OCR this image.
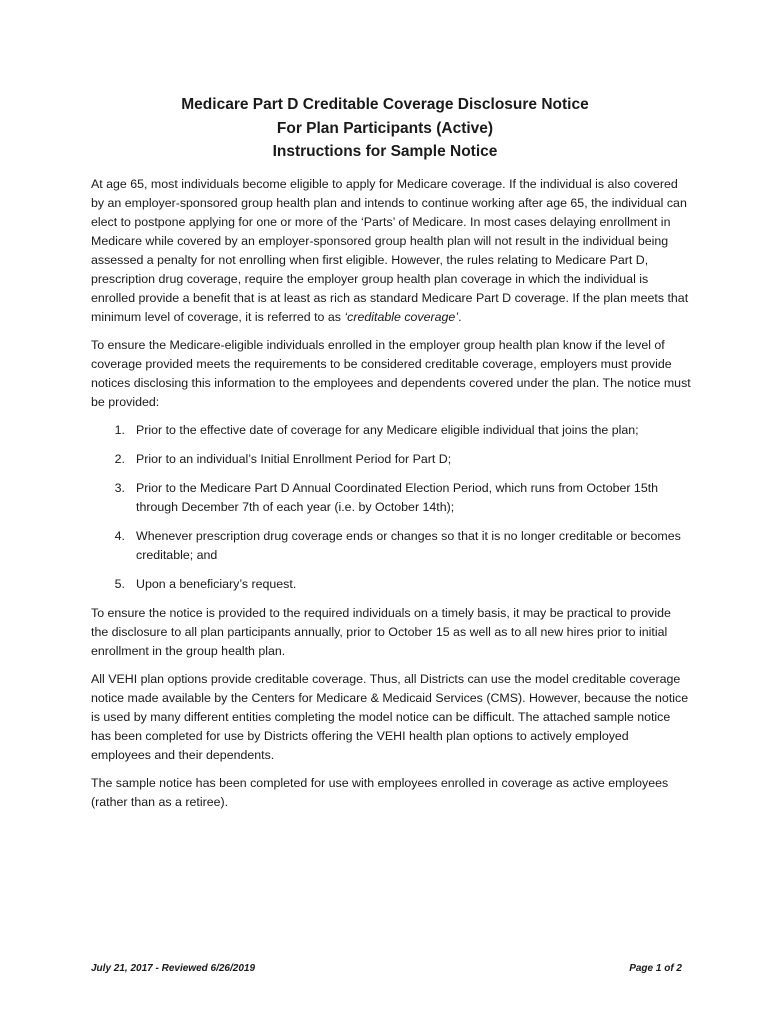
Medicare Part D Creditable Coverage Disclosure Notice

For Plan Participants (Active)

Instructions for Sample Notice

At age 65, most individuals become eligible to apply for Medicare coverage. If the individual is also covered by an employer-sponsored group health plan and intends to continue working after age 65, the individual can elect to postpone applying for one or more of the ‘Parts’ of Medicare. In most cases delaying enrollment in Medicare while covered by an employer-sponsored group health plan will not result in the individual being assessed a penalty for not enrolling when first eligible. However, the rules relating to Medicare Part D, prescription drug coverage, require the employer group health plan coverage in which the individual is enrolled provide a benefit that is at least as rich as standard Medicare Part D coverage. If the plan meets that minimum level of coverage, it is referred to as ‘creditable coverage’.

To ensure the Medicare-eligible individuals enrolled in the employer group health plan know if the level of coverage provided meets the requirements to be considered creditable coverage, employers must provide notices disclosing this information to the employees and dependents covered under the plan. The notice must be provided:

1. Prior to the effective date of coverage for any Medicare eligible individual that joins the plan;
2. Prior to an individual’s Initial Enrollment Period for Part D;
3. Prior to the Medicare Part D Annual Coordinated Election Period, which runs from October 15th through December 7th of each year (i.e. by October 14th);
4. Whenever prescription drug coverage ends or changes so that it is no longer creditable or becomes creditable; and
5. Upon a beneficiary’s request.

To ensure the notice is provided to the required individuals on a timely basis, it may be practical to provide the disclosure to all plan participants annually, prior to October 15 as well as to all new hires prior to initial enrollment in the group health plan.

All VEHI plan options provide creditable coverage. Thus, all Districts can use the model creditable coverage notice made available by the Centers for Medicare & Medicaid Services (CMS). However, because the notice is used by many different entities completing the model notice can be difficult. The attached sample notice has been completed for use by Districts offering the VEHI health plan options to actively employed employees and their dependents.

The sample notice has been completed for use with employees enrolled in coverage as active employees (rather than as a retiree).

July 21, 2017 - Reviewed 6/26/2019	Page 1 of 2
